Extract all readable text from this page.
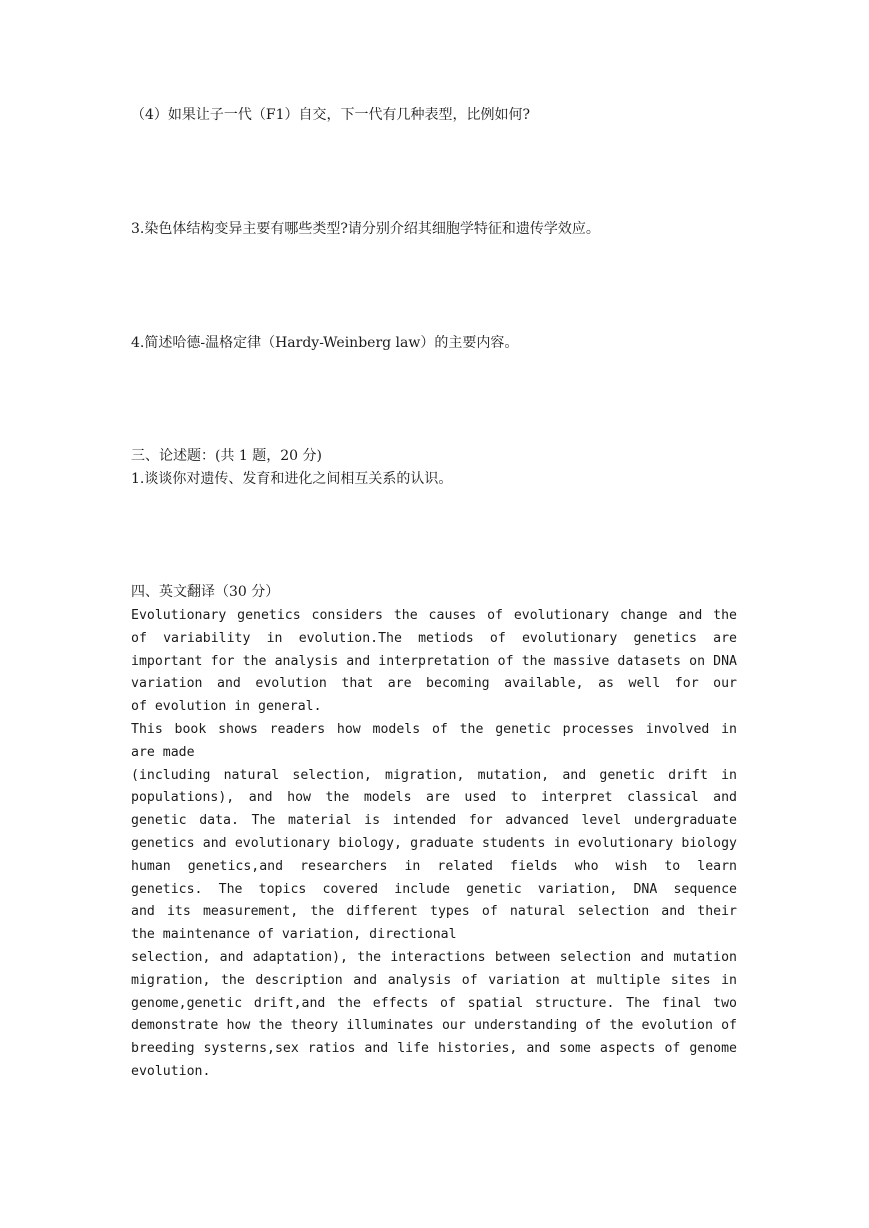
（4）如果让子一代（F1）自交，下一代有几种表型，比例如何?
3.染色体结构变异主要有哪些类型?请分别介绍其细胞学特征和遗传学效应。
4.简述哈德-温格定律（Hardy-Weinberg law）的主要内容。
三、论述题：(共 1 题，20 分)
1.谈谈你对遗传、发育和进化之间相互关系的认识。
四、英文翻译（30 分）
Evolutionary genetics considers the causes of evolutionary change and the
of variability in evolution.The metiods of evolutionary genetics are
important for the analysis and interpretation of the massive datasets on DNA
variation and evolution that are becoming available, as well for our
of evolution in general.
This book shows readers how models of the genetic processes involved in
are made
(including natural selection, migration, mutation, and genetic drift in
populations), and how the models are used to interpret classical and
genetic data. The material is intended for advanced level undergraduate
genetics and evolutionary biology, graduate students in evolutionary biology
human genetics,and researchers in related fields who wish to learn
genetics. The topics covered include genetic variation, DNA sequence
and its measurement, the different types of natural selection and their
the maintenance of variation, directional
selection, and adaptation), the interactions between selection and mutation
migration, the description and analysis of variation at multiple sites in
genome,genetic drift,and the effects of spatial structure. The final two
demonstrate how the theory illuminates our understanding of the evolution of
breeding systerns,sex ratios and life histories, and some aspects of genome
evolution.
